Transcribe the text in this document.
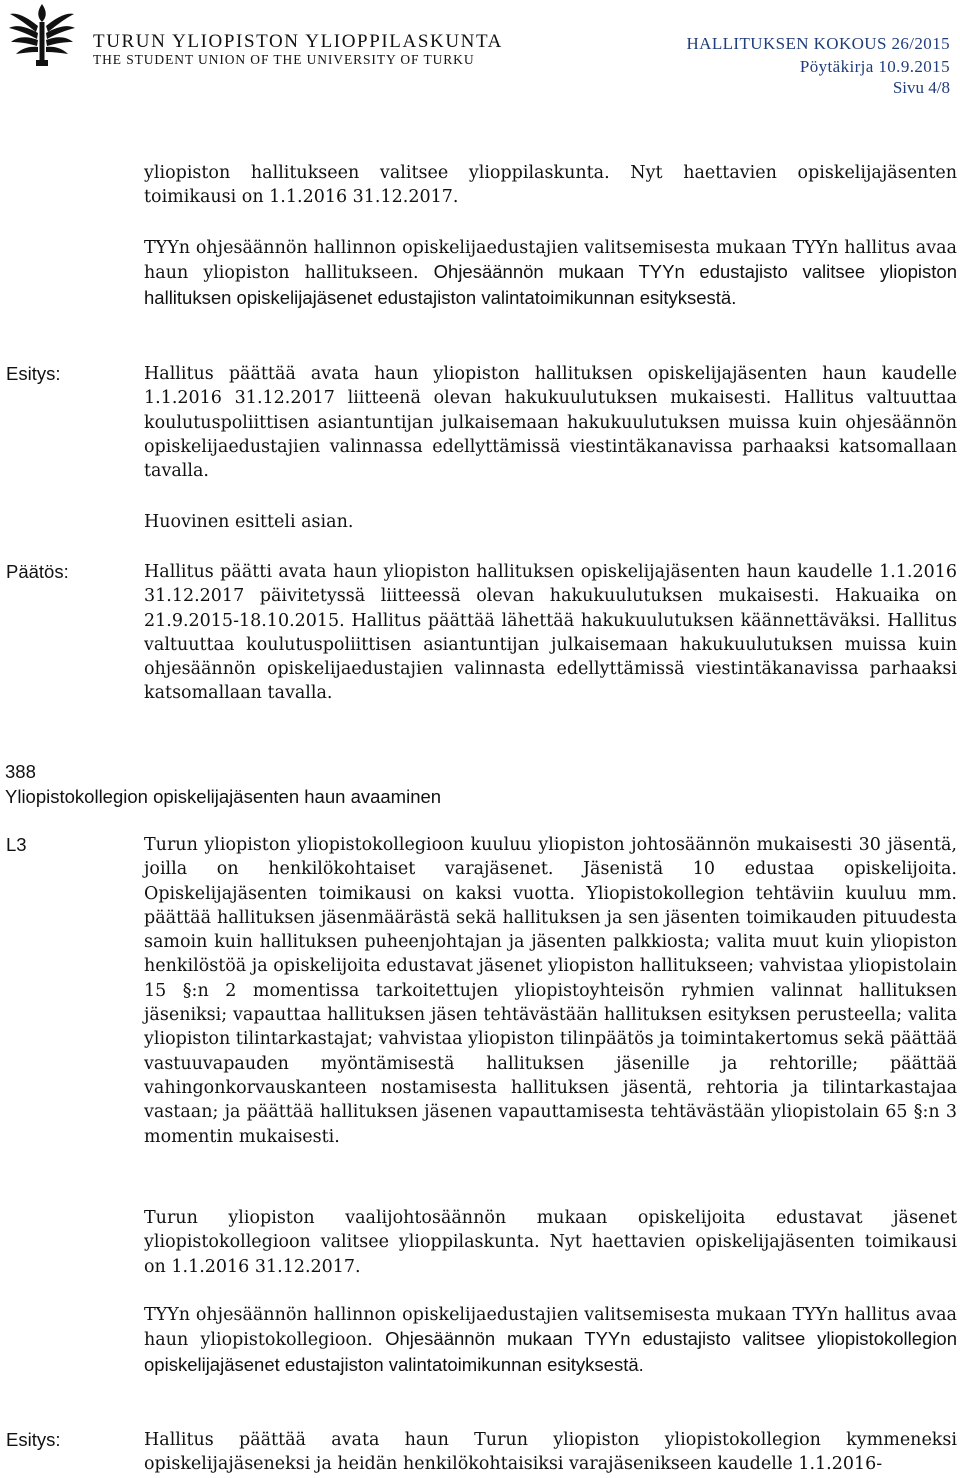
TURUN YLIOPISTON YLIOPPILASKUNTA
THE STUDENT UNION OF THE UNIVERSITY OF TURKU
HALLITUKSEN KOKOUS 26/2015
Pöytäkirja 10.9.2015
Sivu 4/8

yliopiston hallitukseen valitsee ylioppilaskunta. Nyt haettavien opiskelijajäsenten toimikausi on 1.1.2016 31.12.2017.

TYYn ohjesäännön hallinnon opiskelijaedustajien valitsemisesta mukaan TYYn hallitus avaa haun yliopiston hallitukseen. Ohjesäännön mukaan TYYn edustajisto valitsee yliopiston hallituksen opiskelijajäsenet edustajiston valintatoimikunnan esityksestä.

Esitys:	Hallitus päättää avata haun yliopiston hallituksen opiskelijajäsenten haun kaudelle 1.1.2016 31.12.2017 liitteenä olevan hakukuulutuksen mukaisesti. Hallitus valtuuttaa koulutuspoliittisen asiantuntijan julkaisemaan hakukuulutuksen muissa kuin ohjesäännön opiskelijaedustajien valinnassa edellyttämissä viestintäkanavissa parhaaksi katsomallaan tavalla.

Huovinen esitteli asian.

Päätös:	Hallitus päätti avata haun yliopiston hallituksen opiskelijajäsenten haun kaudelle 1.1.2016 31.12.2017 päivitetyssä liitteessä olevan hakukuulutuksen mukaisesti. Hakuaika on 21.9.2015-18.10.2015. Hallitus päättää lähettää hakukuulutuksen käännettäväksi. Hallitus valtuuttaa koulutuspoliittisen asiantuntijan julkaisemaan hakukuulutuksen muissa kuin ohjesäännön opiskelijaedustajien valinnasta edellyttämissä viestintäkanavissa parhaaksi katsomallaan tavalla.

388
Yliopistokollegion opiskelijajäsenten haun avaaminen
L3	Turun yliopiston yliopistokollegioon kuuluu yliopiston johtosäännön mukaisesti 30 jäsentä, joilla on henkilökohtaiset varajäsenet. Jäsenistä 10 edustaa opiskelijoita. Opiskelijajäsenten toimikausi on kaksi vuotta. Yliopistokollegion tehtäviin kuuluu mm. päättää hallituksen jäsenmäärästä sekä hallituksen ja sen jäsenten toimikauden pituudesta samoin kuin hallituksen puheenjohtajan ja jäsenten palkkiosta; valita muut kuin yliopiston henkilöstöä ja opiskelijoita edustavat jäsenet yliopiston hallitukseen; vahvistaa yliopistolain 15 §:n 2 momentissa tarkoitettujen yliopistoyhteisön ryhmien valinnat hallituksen jäseniksi; vapauttaa hallituksen jäsen tehtävästään hallituksen esityksen perusteella; valita yliopiston tilintarkastajat; vahvistaa yliopiston tilinpäätös ja toimintakertomus sekä päättää vastuuvapauden myöntämisestä hallituksen jäsenille ja rehtorille; päättää vahingonkorvauskanteen nostamisesta hallituksen jäsentä, rehtoria ja tilintarkastajaa vastaan; ja päättää hallituksen jäsenen vapauttamisesta tehtävästään yliopistolain 65 §:n 3 momentin mukaisesti.

Turun yliopiston vaalijohtosäännön mukaan opiskelijoita edustavat jäsenet yliopistokollegioon valitsee ylioppilaskunta. Nyt haettavien opiskelijajäsenten toimikausi on 1.1.2016 31.12.2017.

TYYn ohjesäännön hallinnon opiskelijaedustajien valitsemisesta mukaan TYYn hallitus avaa haun yliopistokollegioon. Ohjesäännön mukaan TYYn edustajisto valitsee yliopistokollegion opiskelijajäsenet edustajiston valintatoimikunnan esityksestä.

Esitys:	Hallitus päättää avata haun Turun yliopiston yliopistokollegion kymmeneksi opiskelijajäseneksi ja heidän henkilökohtaisiksi varajäsenikseen kaudelle 1.1.2016-
